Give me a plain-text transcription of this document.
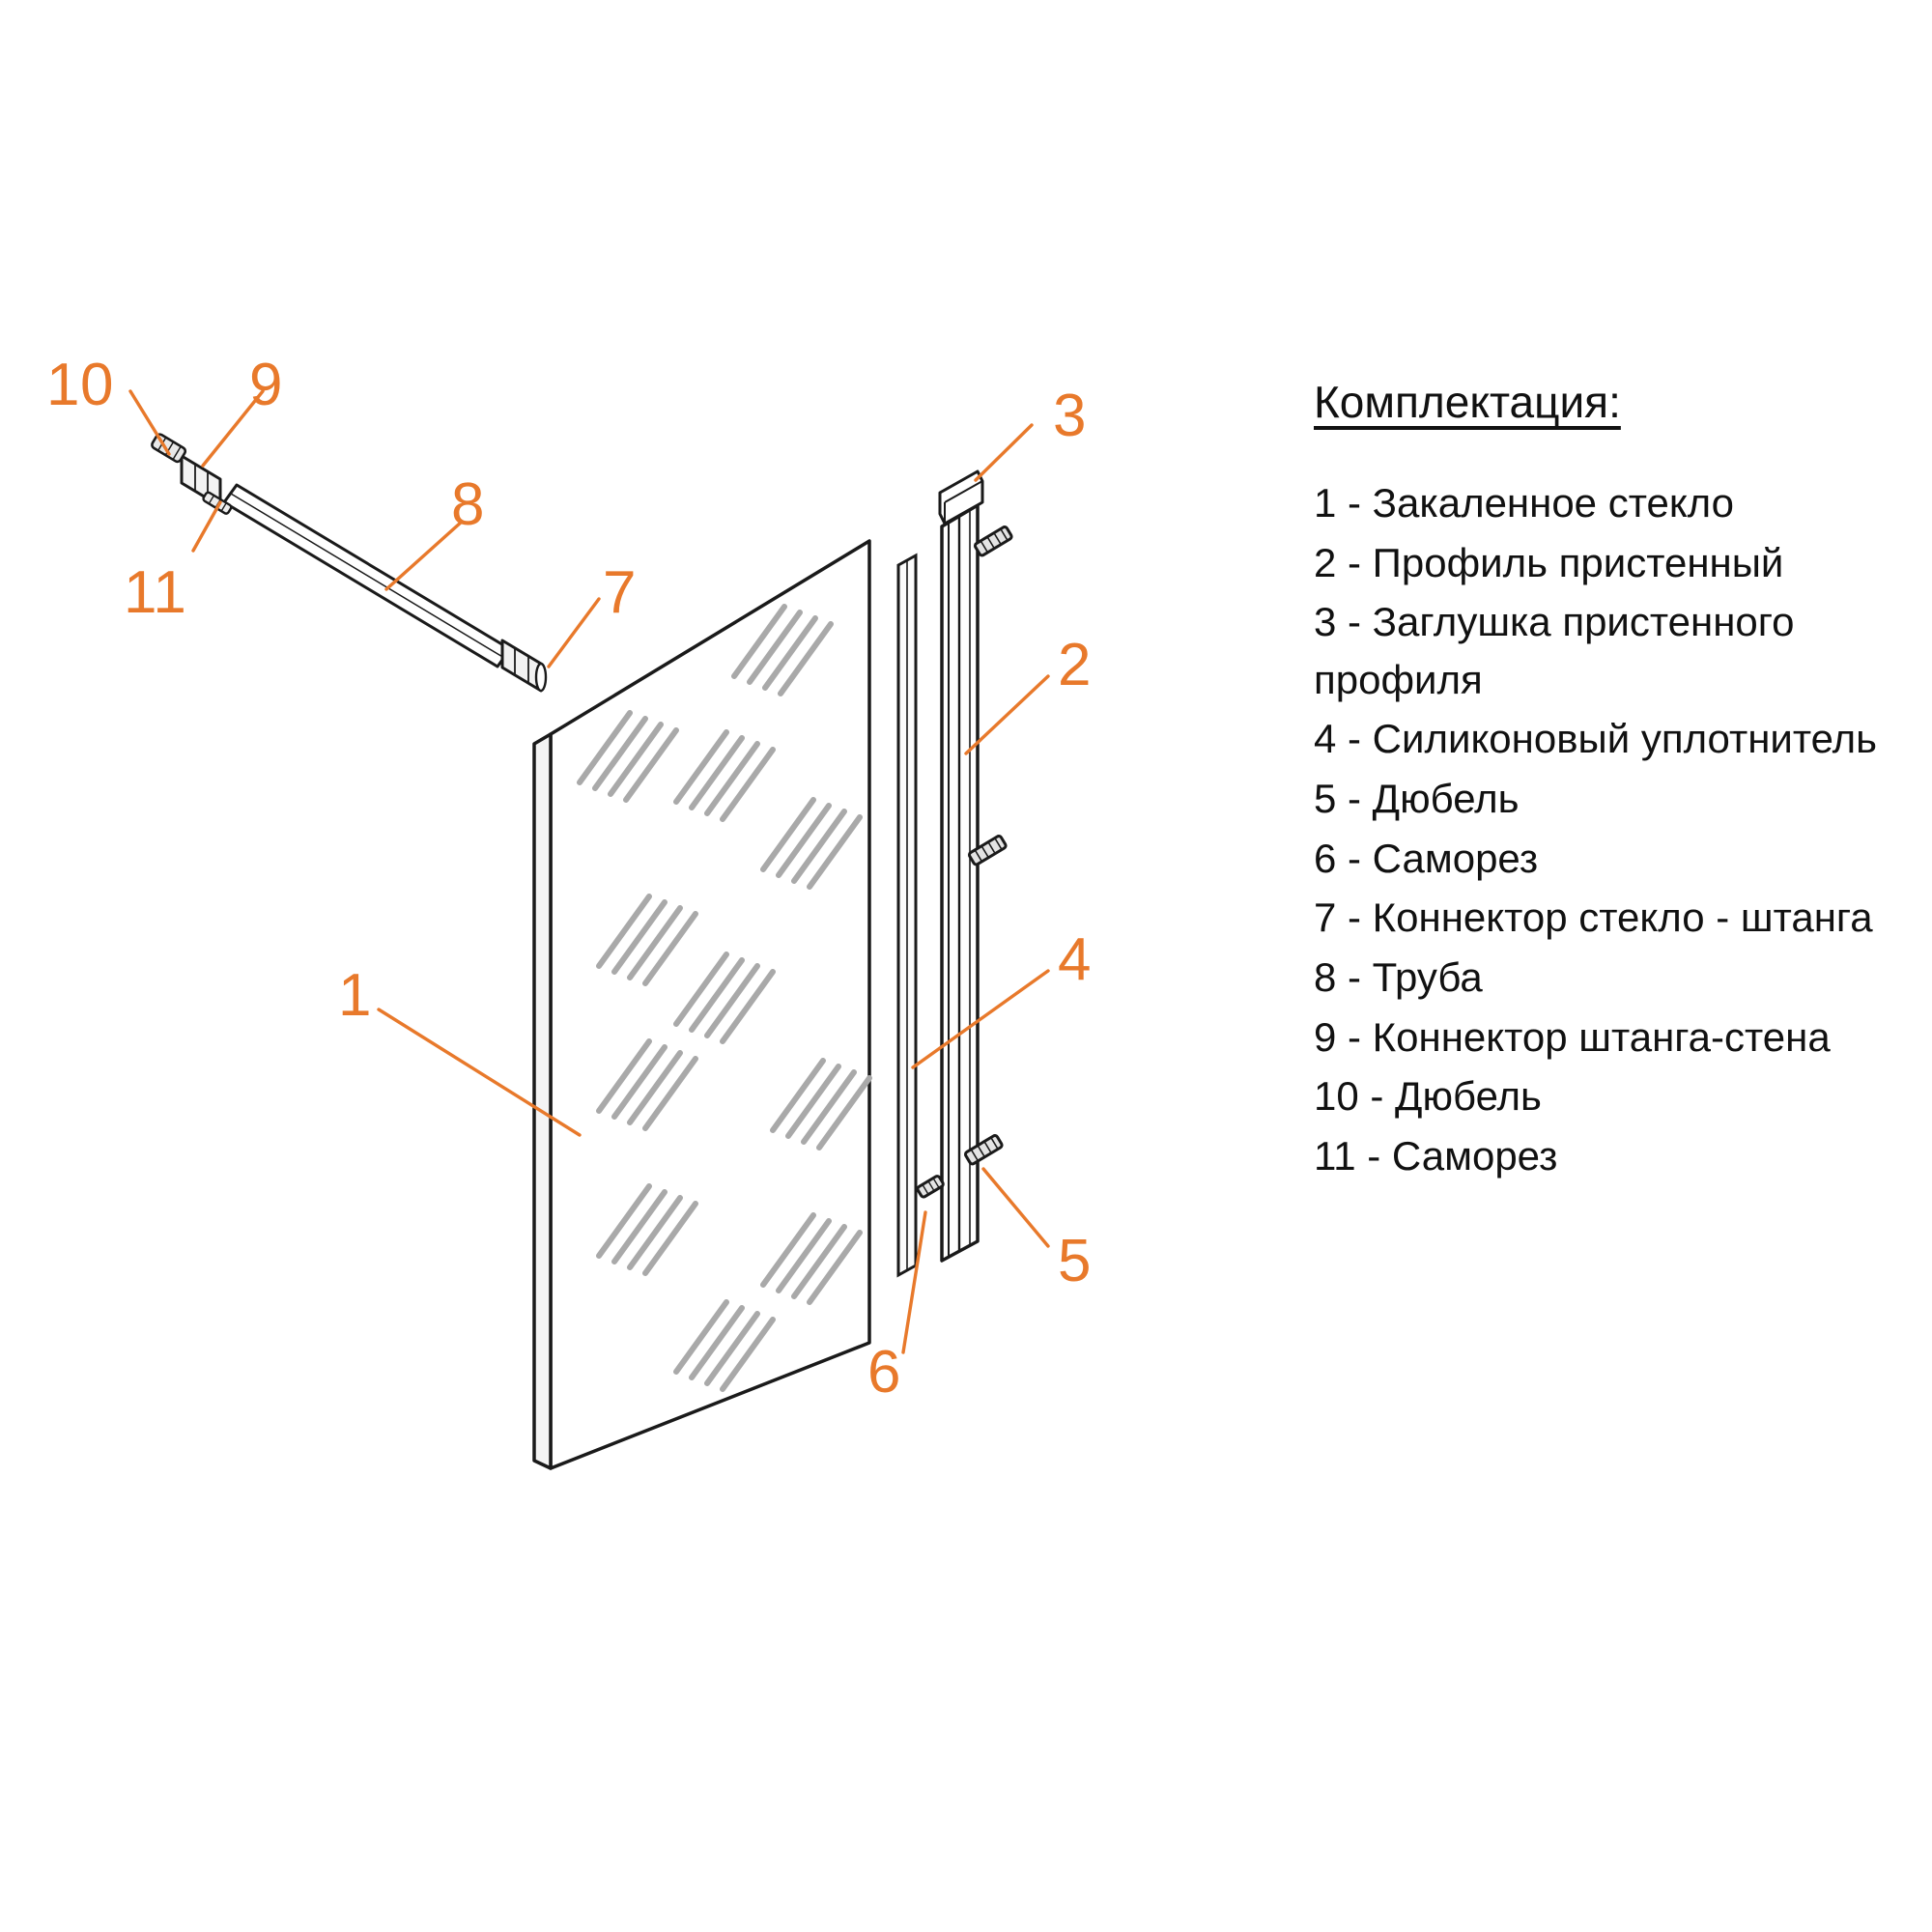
10 9
11
8
7
3
2
4
1
5
6
Комплектация:
1 - Закаленное стекло
2 - Профиль пристенный
3 - Заглушка пристенного профиля
4 - Силиконовый уплотнитель
5 - Дюбель
6 - Саморез
7 - Коннектор стекло - штанга
8 - Труба
9 - Коннектор штанга-стена
10 - Дюбель
11 - Саморез
